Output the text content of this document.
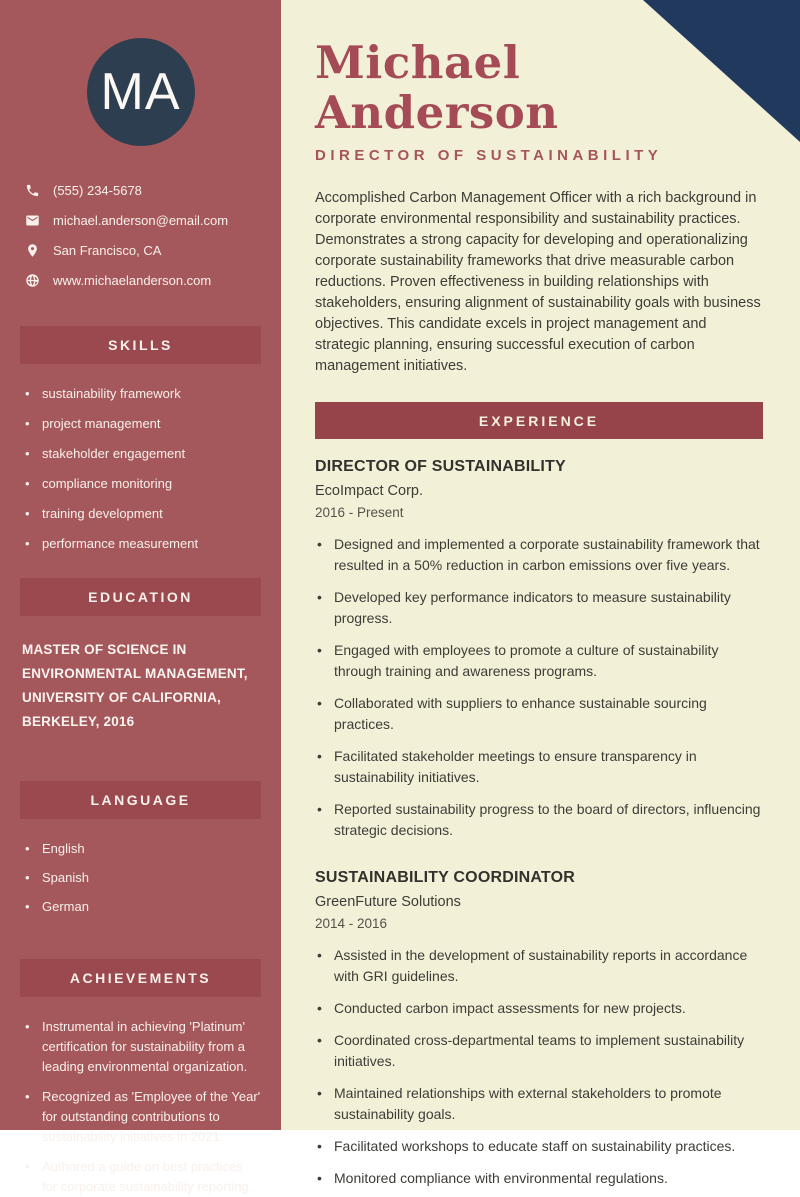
MA
(555) 234-5678
michael.anderson@email.com
San Francisco, CA
www.michaelanderson.com
SKILLS
• sustainability framework
• project management
• stakeholder engagement
• compliance monitoring
• training development
• performance measurement
EDUCATION
MASTER OF SCIENCE IN ENVIRONMENTAL MANAGEMENT, UNIVERSITY OF CALIFORNIA, BERKELEY, 2016
LANGUAGE
• English
• Spanish
• German
ACHIEVEMENTS
• Instrumental in achieving 'Platinum' certification for sustainability from a leading environmental organization.
• Recognized as 'Employee of the Year' for outstanding contributions to sustainability initiatives in 2021.
• Authored a guide on best practices for corporate sustainability reporting.
Michael Anderson
DIRECTOR OF SUSTAINABILITY

Accomplished Carbon Management Officer with a rich background in corporate environmental responsibility and sustainability practices. Demonstrates a strong capacity for developing and operationalizing corporate sustainability frameworks that drive measurable carbon reductions. Proven effectiveness in building relationships with stakeholders, ensuring alignment of sustainability goals with business objectives. This candidate excels in project management and strategic planning, ensuring successful execution of carbon management initiatives.

EXPERIENCE
DIRECTOR OF SUSTAINABILITY
EcoImpact Corp.
2016 - Present
• Designed and implemented a corporate sustainability framework that resulted in a 50% reduction in carbon emissions over five years.
• Developed key performance indicators to measure sustainability progress.
• Engaged with employees to promote a culture of sustainability through training and awareness programs.
• Collaborated with suppliers to enhance sustainable sourcing practices.
• Facilitated stakeholder meetings to ensure transparency in sustainability initiatives.
• Reported sustainability progress to the board of directors, influencing strategic decisions.
SUSTAINABILITY COORDINATOR
GreenFuture Solutions
2014 - 2016
• Assisted in the development of sustainability reports in accordance with GRI guidelines.
• Conducted carbon impact assessments for new projects.
• Coordinated cross-departmental teams to implement sustainability initiatives.
• Maintained relationships with external stakeholders to promote sustainability goals.
• Facilitated workshops to educate staff on sustainability practices.
• Monitored compliance with environmental regulations.
